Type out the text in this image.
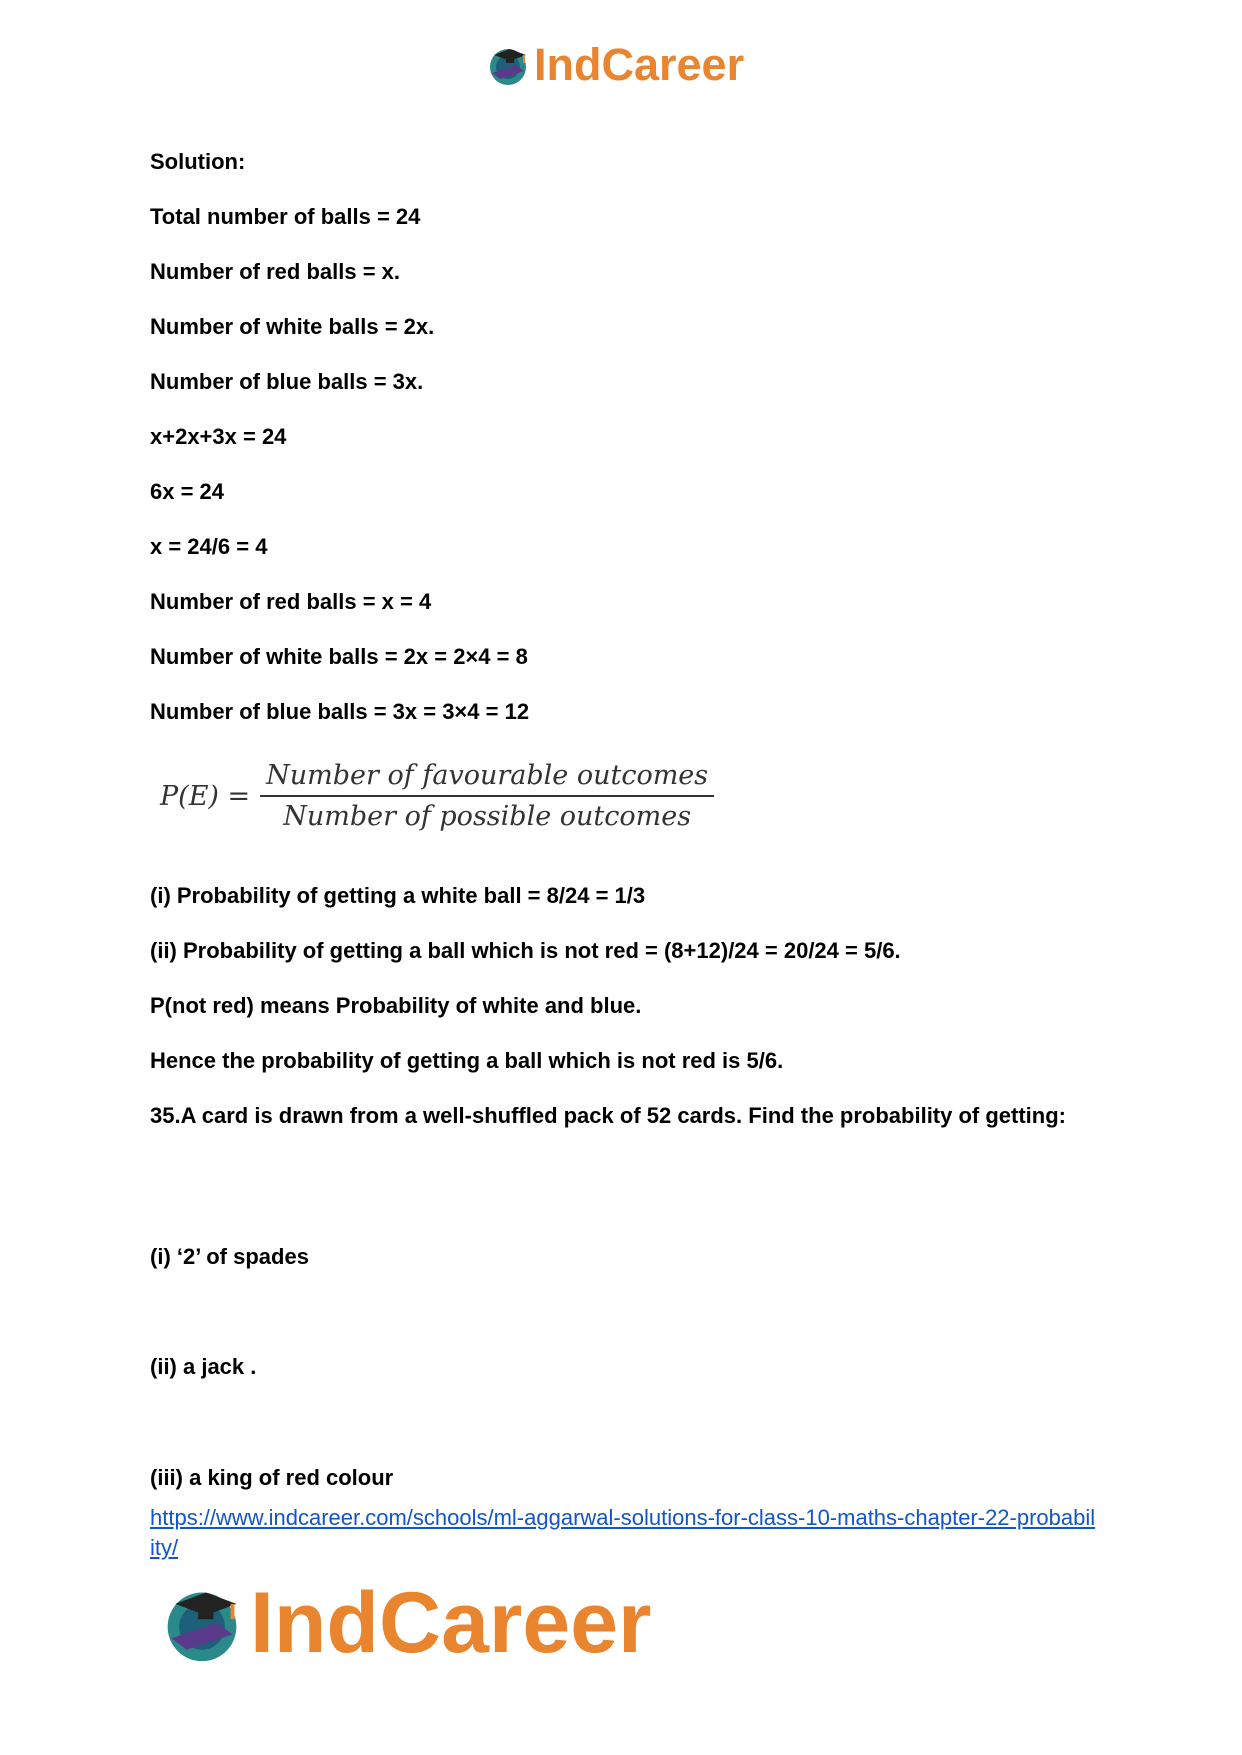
IndCareer
Solution:
Total number of balls = 24
Number of red balls = x.
Number of white balls = 2x.
Number of blue balls = 3x.
x+2x+3x = 24
6x = 24
x = 24/6 = 4
Number of red balls = x = 4
Number of white balls = 2x = 2×4 = 8
Number of blue balls = 3x = 3×4 = 12
$P(E) = \frac{\text{Number of favourable outcomes}}{\text{Number of possible outcomes}}$
(i) Probability of getting a white ball = 8/24 = 1/3
(ii) Probability of getting a ball which is not red = (8+12)/24 = 20/24 = 5/6.
P(not red) means Probability of white and blue.
Hence the probability of getting a ball which is not red is 5/6.
35.A card is drawn from a well-shuffled pack of 52 cards. Find the probability of getting:
(i) ‘2’ of spades
(ii) a jack .
(iii) a king of red colour
https://www.indcareer.com/schools/ml-aggarwal-solutions-for-class-10-maths-chapter-22-probability/
IndCareer
